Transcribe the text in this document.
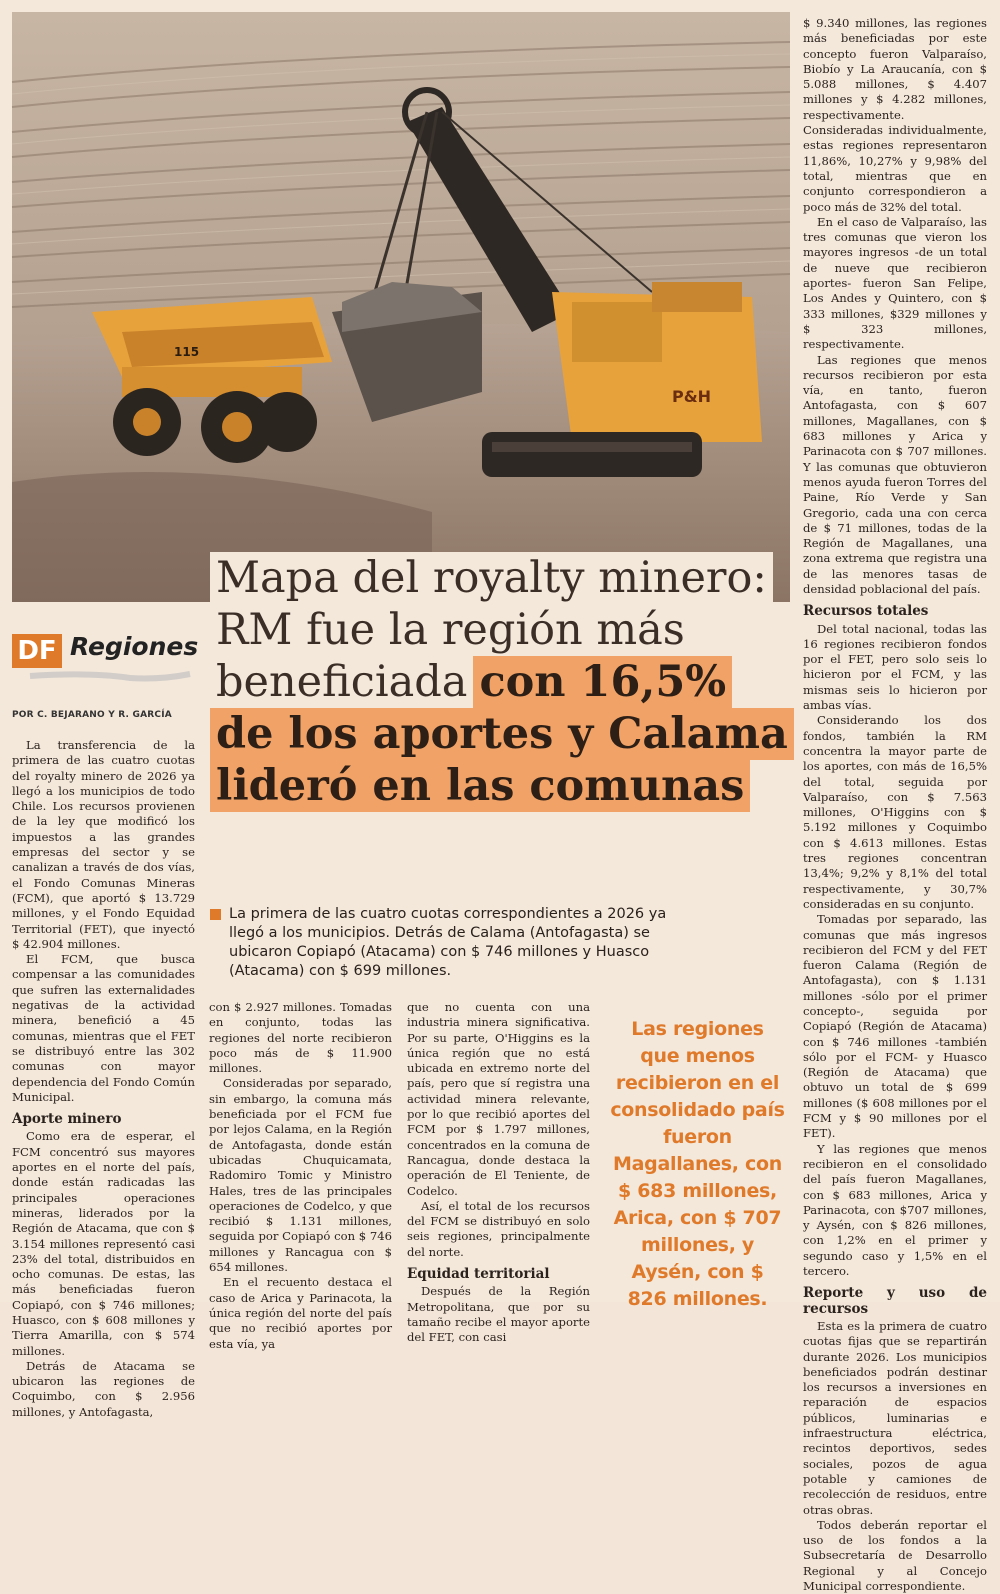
115
P&H
Mapa del royalty minero:
RM fue la región más
beneficiada con 16,5%
de los aportes y Calama
lideró en las comunas

DF Regiones
POR C. BEJARANO Y R. GARCÍA

La transferencia de la primera de las cuatro cuotas del royalty minero de 2026 ya llegó a los municipios de todo Chile. Los recursos provienen de la ley que modificó los impuestos a las grandes empresas del sector y se canalizan a través de dos vías, el Fondo Comunas Mineras (FCM), que aportó $ 13.729 millones, y el Fondo Equidad Territorial (FET), que inyectó $ 42.904 millones.

El FCM, que busca compensar a las comunidades que sufren las externalidades negativas de la actividad minera, benefició a 45 comunas, mientras que el FET se distribuyó entre las 302 comunas con mayor dependencia del Fondo Común Municipal.

Aporte minero

Como era de esperar, el FCM concentró sus mayores aportes en el norte del país, donde están radicadas las principales operaciones mineras, liderados por la Región de Atacama, que con $ 3.154 millones representó casi 23% del total, distribuidos en ocho comunas. De estas, las más beneficiadas fueron Copiapó, con $ 746 millones; Huasco, con $ 608 millones y Tierra Amarilla, con $ 574 millones.

Detrás de Atacama se ubicaron las regiones de Coquimbo, con $ 2.956 millones, y Antofagasta,

La primera de las cuatro cuotas correspondientes a 2026 ya llegó a los municipios. Detrás de Calama (Antofagasta) se ubicaron Copiapó (Atacama) con $ 746 millones y Huasco (Atacama) con $ 699 millones.

con $ 2.927 millones. Tomadas en conjunto, todas las regiones del norte recibieron poco más de $ 11.900 millones.

Consideradas por separado, sin embargo, la comuna más beneficiada por el FCM fue por lejos Calama, en la Región de Antofagasta, donde están ubicadas Chuquicamata, Radomiro Tomic y Ministro Hales, tres de las principales operaciones de Codelco, y que recibió $ 1.131 millones, seguida por Copiapó con $ 746 millones y Rancagua con $ 654 millones.

En el recuento destaca el caso de Arica y Parinacota, la única región del norte del país que no recibió aportes por esta vía, ya

que no cuenta con una industria minera significativa. Por su parte, O'Higgins es la única región que no está ubicada en extremo norte del país, pero que sí registra una actividad minera relevante, por lo que recibió aportes del FCM por $ 1.797 millones, concentrados en la comuna de Rancagua, donde destaca la operación de El Teniente, de Codelco.

Así, el total de los recursos del FCM se distribuyó en solo seis regiones, principalmente del norte.

Equidad territorial

Después de la Región Metropolitana, que por su tamaño recibe el mayor aporte del FET, con casi

Las regiones que menos recibieron en el consolidado país fueron Magallanes, con $ 683 millones, Arica, con $ 707 millones, y Aysén, con $ 826 millones.

$ 9.340 millones, las regiones más beneficiadas por este concepto fueron Valparaíso, Biobío y La Araucanía, con $ 5.088 millones, $ 4.407 millones y $ 4.282 millones, respectivamente. Consideradas individualmente, estas regiones representaron 11,86%, 10,27% y 9,98% del total, mientras que en conjunto correspondieron a poco más de 32% del total.

En el caso de Valparaíso, las tres comunas que vieron los mayores ingresos -de un total de nueve que recibieron aportes- fueron San Felipe, Los Andes y Quintero, con $ 333 millones, $329 millones y $ 323 millones, respectivamente.

Las regiones que menos recursos recibieron por esta vía, en tanto, fueron Antofagasta, con $ 607 millones, Magallanes, con $ 683 millones y Arica y Parinacota con $ 707 millones. Y las comunas que obtuvieron menos ayuda fueron Torres del Paine, Río Verde y San Gregorio, cada una con cerca de $ 71 millones, todas de la Región de Magallanes, una zona extrema que registra una de las menores tasas de densidad poblacional del país.

Recursos totales

Del total nacional, todas las 16 regiones recibieron fondos por el FET, pero solo seis lo hicieron por el FCM, y las mismas seis lo hicieron por ambas vías.

Considerando los dos fondos, también la RM concentra la mayor parte de los aportes, con más de 16,5% del total, seguida por Valparaíso, con $ 7.563 millones, O'Higgins con $ 5.192 millones y Coquimbo con $ 4.613 millones. Estas tres regiones concentran 13,4%; 9,2% y 8,1% del total respectivamente, y 30,7% consideradas en su conjunto.

Tomadas por separado, las comunas que más ingresos recibieron del FCM y del FET fueron Calama (Región de Antofagasta), con $ 1.131 millones -sólo por el primer concepto-, seguida por Copiapó (Región de Atacama) con $ 746 millones -también sólo por el FCM- y Huasco (Región de Atacama) que obtuvo un total de $ 699 millones ($ 608 millones por el FCM y $ 90 millones por el FET).

Y las regiones que menos recibieron en el consolidado del país fueron Magallanes, con $ 683 millones, Arica y Parinacota, con $707 millones, y Aysén, con $ 826 millones, con 1,2% en el primer y segundo caso y 1,5% en el tercero.

Reporte y uso de recursos

Esta es la primera de cuatro cuotas fijas que se repartirán durante 2026. Los municipios beneficiados podrán destinar los recursos a inversiones en reparación de espacios públicos, luminarias e infraestructura eléctrica, recintos deportivos, sedes sociales, pozos de agua potable y camiones de recolección de residuos, entre otras obras.

Todos deberán reportar el uso de los fondos a la Subsecretaría de Desarrollo Regional y al Concejo Municipal correspondiente.
